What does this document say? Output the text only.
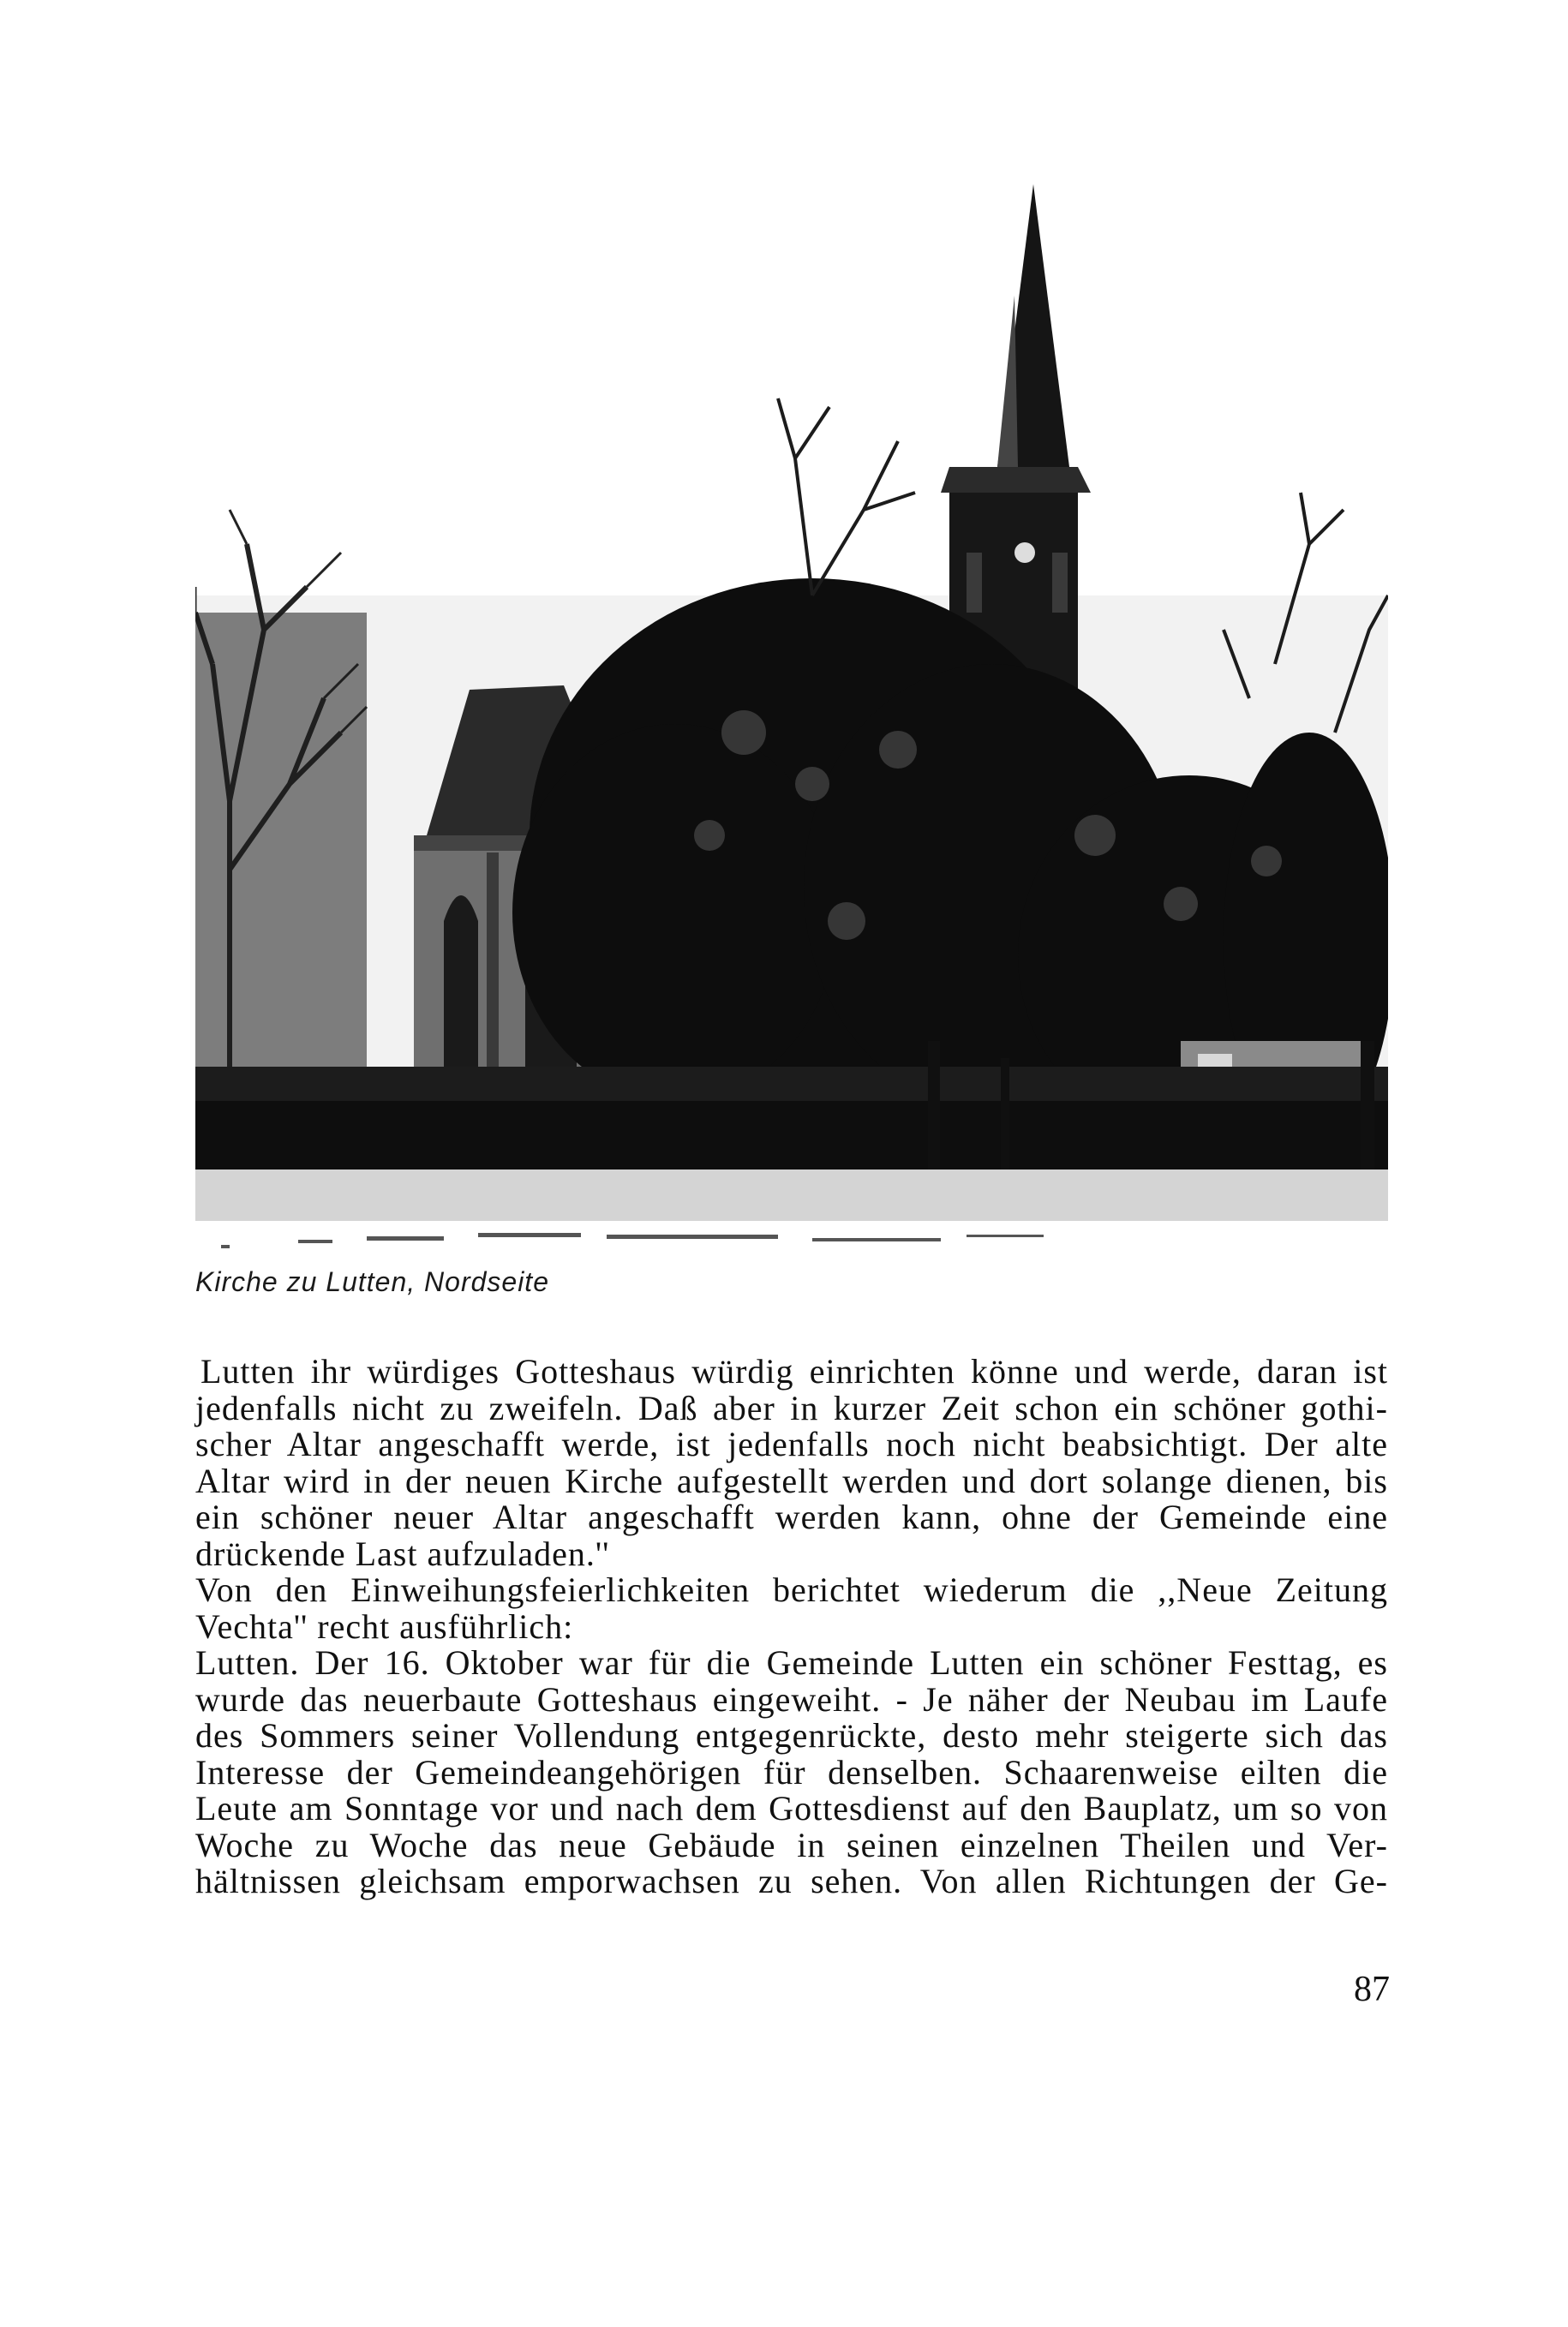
Kirche zu Lutten, Nordseite
Lutten ihr würdiges Gotteshaus würdig einrichten könne und werde, daran ist
jedenfalls nicht zu zweifeln. Daß aber in kurzer Zeit schon ein schöner gothi-
scher Altar angeschafft werde, ist jedenfalls noch nicht beabsichtigt. Der alte
Altar wird in der neuen Kirche aufgestellt werden und dort solange dienen, bis
ein schöner neuer Altar angeschafft werden kann, ohne der Gemeinde eine
drückende Last aufzuladen.''
Von den Einweihungsfeierlichkeiten berichtet wiederum die ,,Neue Zeitung
Vechta'' recht ausführlich:
Lutten. Der 16. Oktober war für die Gemeinde Lutten ein schöner Festtag, es
wurde das neuerbaute Gotteshaus eingeweiht. - Je näher der Neubau im Laufe
des Sommers seiner Vollendung entgegenrückte, desto mehr steigerte sich das
Interesse der Gemeindeangehörigen für denselben. Schaarenweise eilten die
Leute am Sonntage vor und nach dem Gottesdienst auf den Bauplatz, um so von
Woche zu Woche das neue Gebäude in seinen einzelnen Theilen und Ver-
hältnissen gleichsam emporwachsen zu sehen. Von allen Richtungen der Ge-
87
